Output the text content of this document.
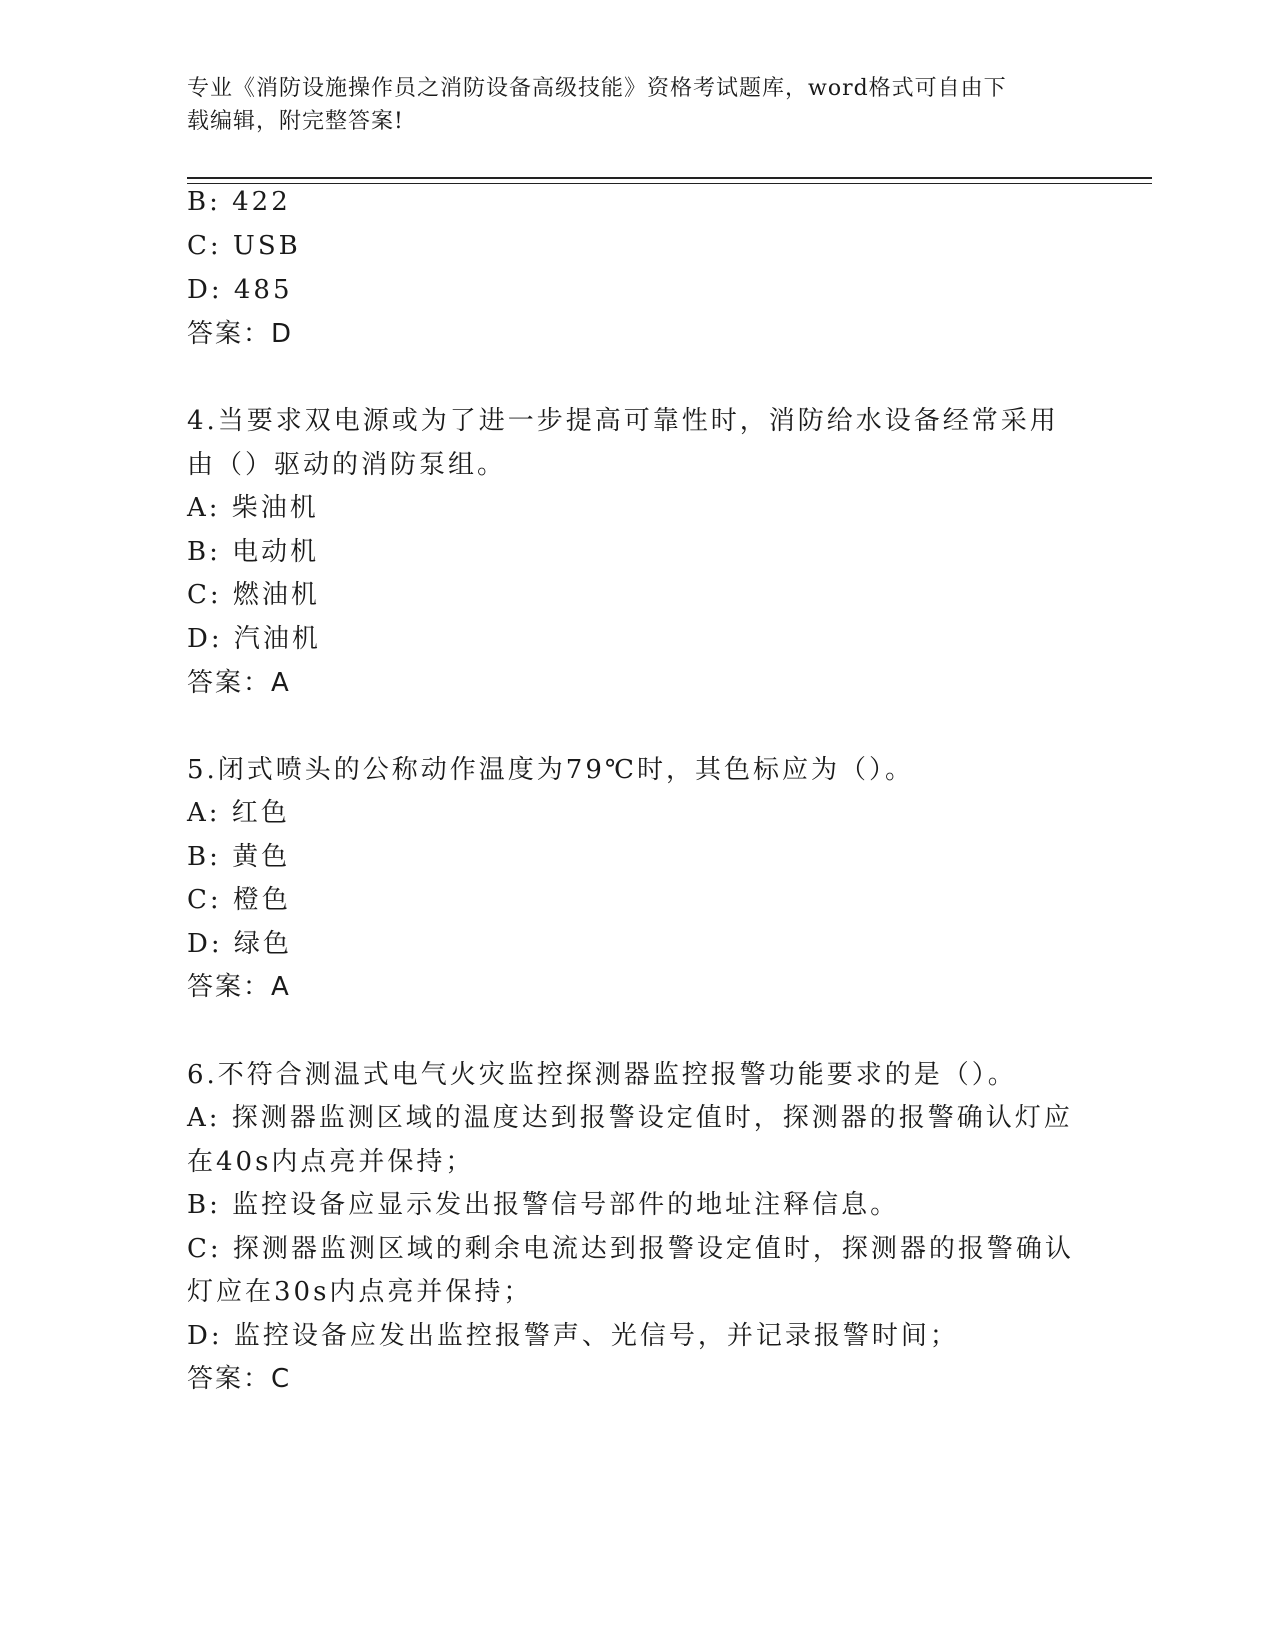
专业《消防设施操作员之消防设备高级技能》资格考试题库，word格式可自由下
载编辑，附完整答案!
B: 422
C: USB
D: 485
答案：D
4.当要求双电源或为了进一步提高可靠性时，消防给水设备经常采用
由（）驱动的消防泵组。
A: 柴油机
B: 电动机
C: 燃油机
D: 汽油机
答案：A
5.闭式喷头的公称动作温度为79℃时，其色标应为（）。
A: 红色
B: 黄色
C: 橙色
D: 绿色
答案：A
6.不符合测温式电气火灾监控探测器监控报警功能要求的是（）。
A: 探测器监测区域的温度达到报警设定值时，探测器的报警确认灯应
在40s内点亮并保持；
B: 监控设备应显示发出报警信号部件的地址注释信息。
C: 探测器监测区域的剩余电流达到报警设定值时，探测器的报警确认
灯应在30s内点亮并保持；
D: 监控设备应发出监控报警声、光信号，并记录报警时间；
答案：C
